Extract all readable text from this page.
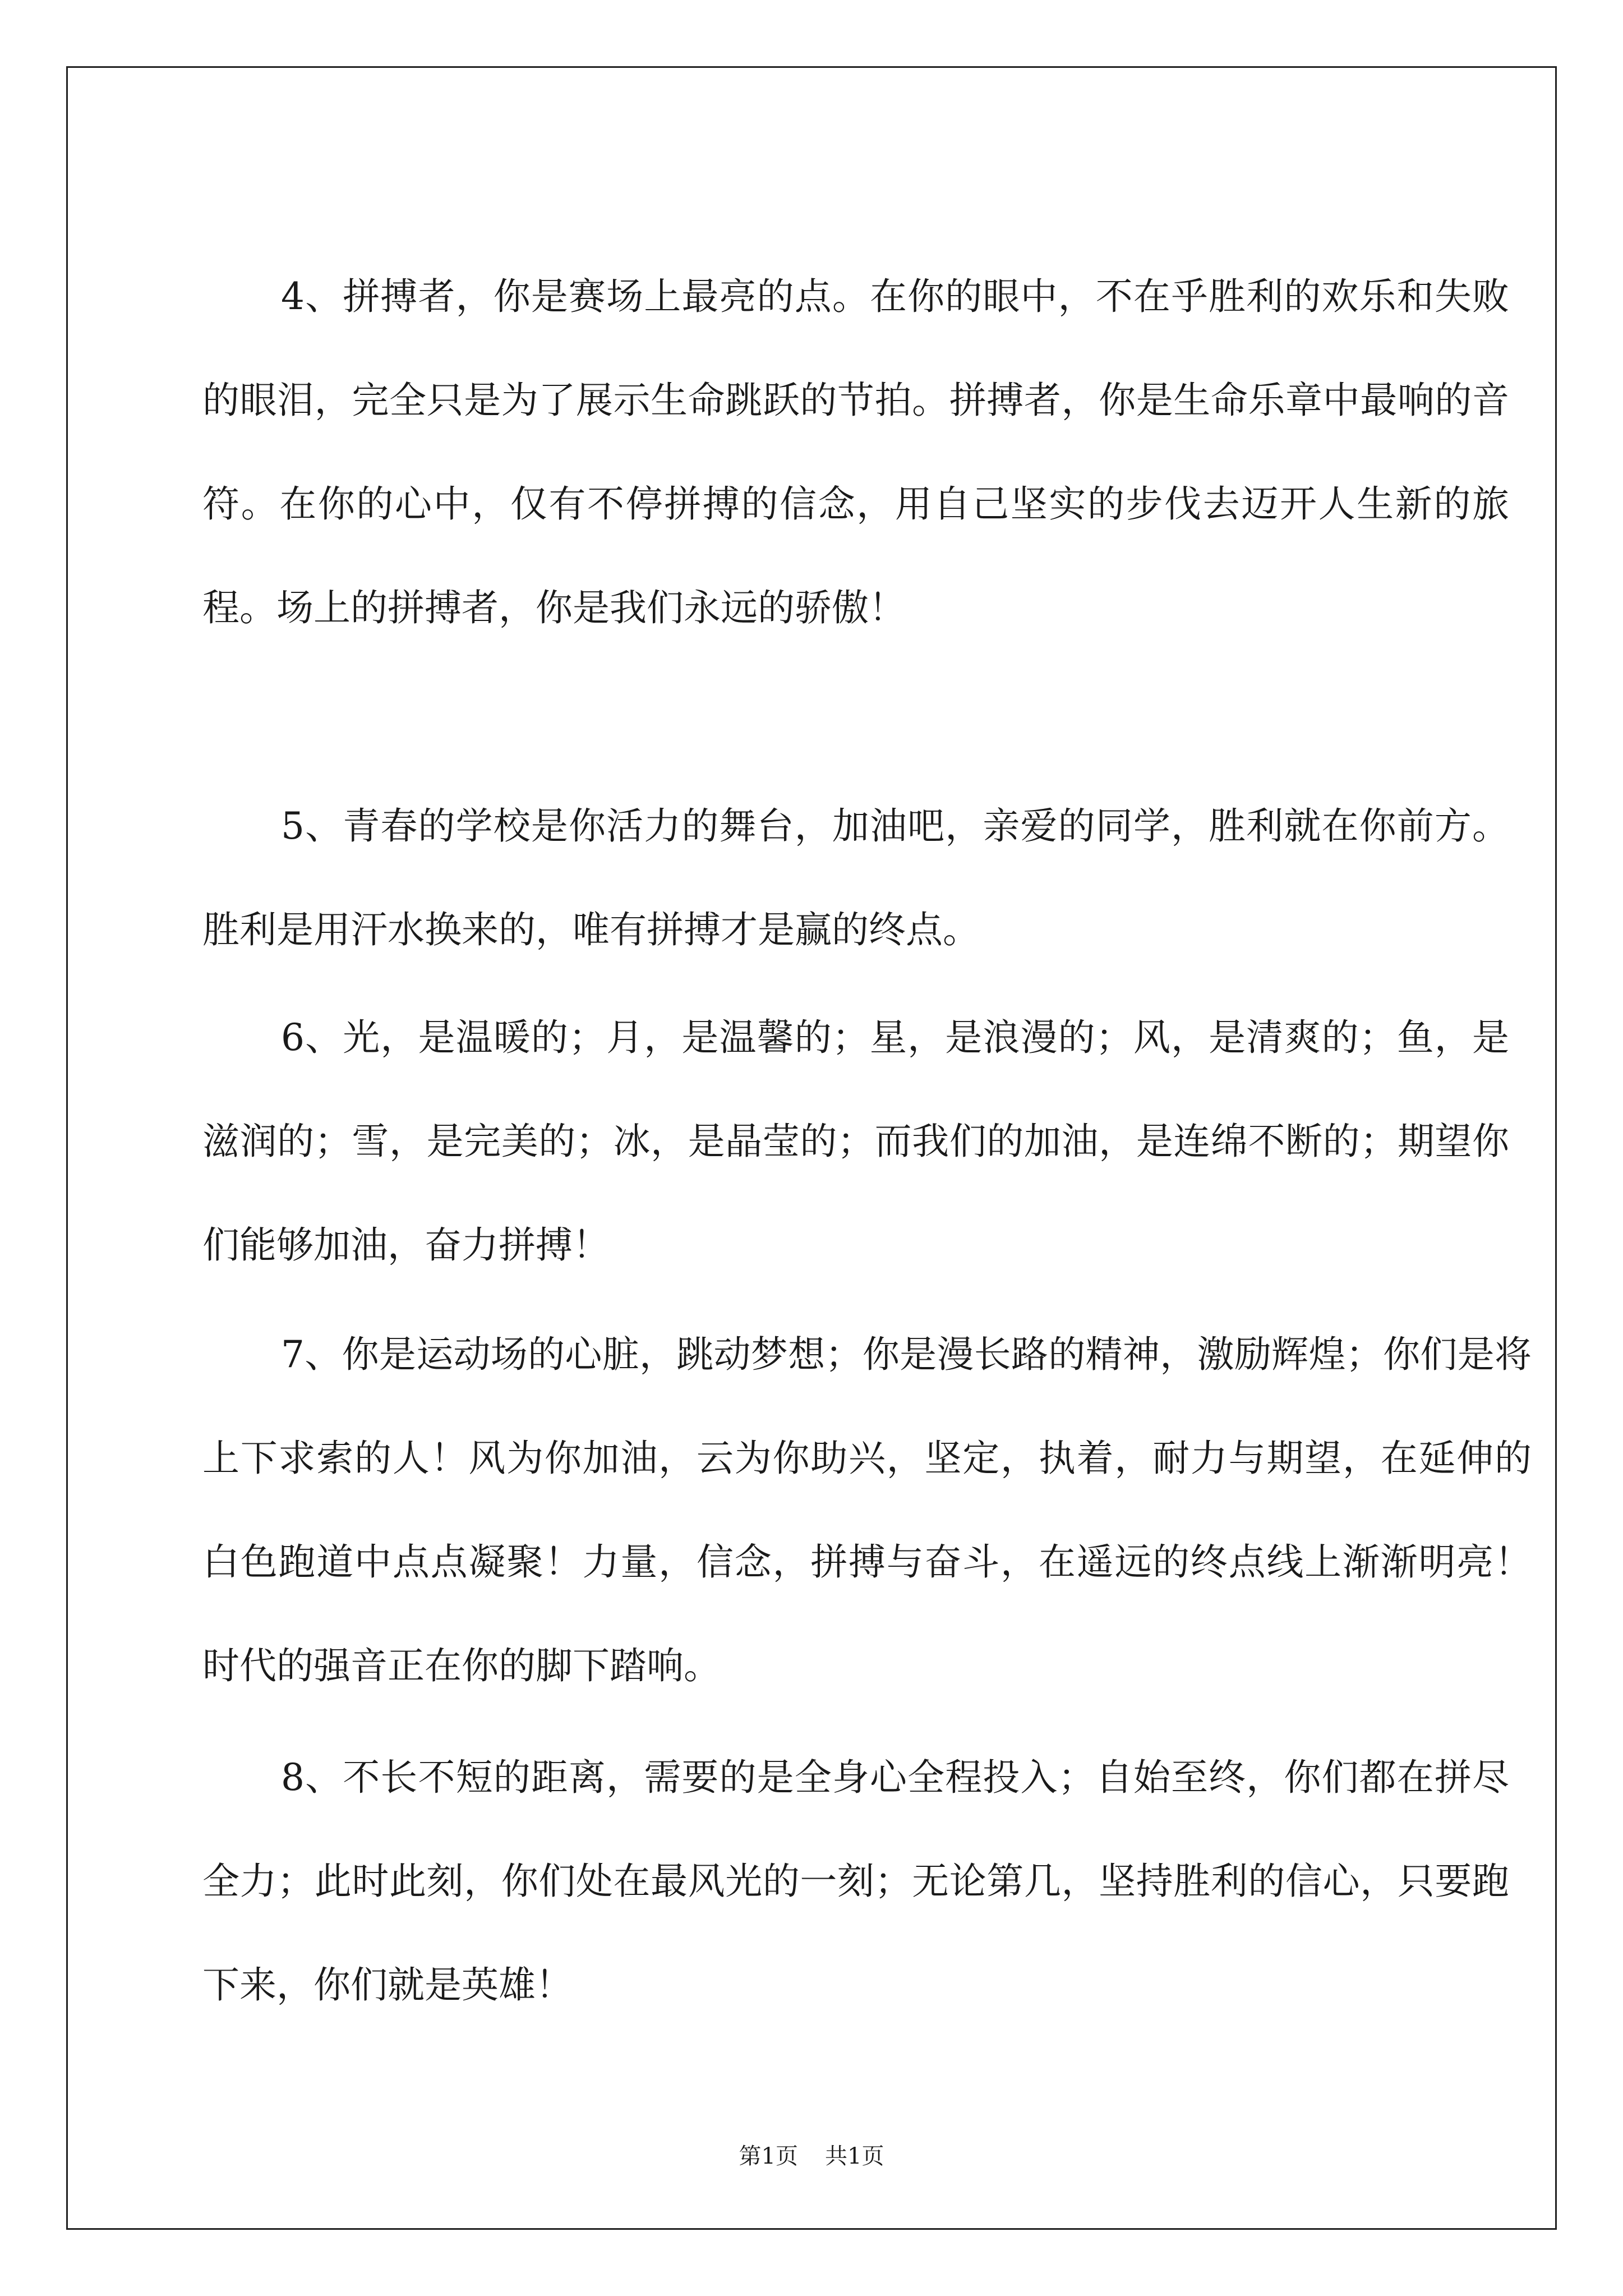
4、拼搏者，你是赛场上最亮的点。在你的眼中，不在乎胜利的欢乐和失败的眼泪，完全只是为了展示生命跳跃的节拍。拼搏者，你是生命乐章中最响的音符。在你的心中，仅有不停拼搏的信念，用自己坚实的步伐去迈开人生新的旅程。场上的拼搏者，你是我们永远的骄傲！

5、青春的学校是你活力的舞台，加油吧，亲爱的同学，胜利就在你前方。胜利是用汗水换来的，唯有拼搏才是赢的终点。

6、光，是温暖的；月，是温馨的；星，是浪漫的；风，是清爽的；鱼，是滋润的；雪，是完美的；冰，是晶莹的；而我们的加油，是连绵不断的；期望你们能够加油，奋力拼搏！

7、你是运动场的心脏，跳动梦想；你是漫长路的精神，激励辉煌；你们是将上下求索的人！风为你加油，云为你助兴，坚定，执着，耐力与期望，在延伸的白色跑道中点点凝聚！力量，信念，拼搏与奋斗，在遥远的终点线上渐渐明亮！时代的强音正在你的脚下踏响。

8、不长不短的距离，需要的是全身心全程投入；自始至终，你们都在拼尽全力；此时此刻，你们处在最风光的一刻；无论第几，坚持胜利的信心，只要跑下来，你们就是英雄！

第1页 共1页
